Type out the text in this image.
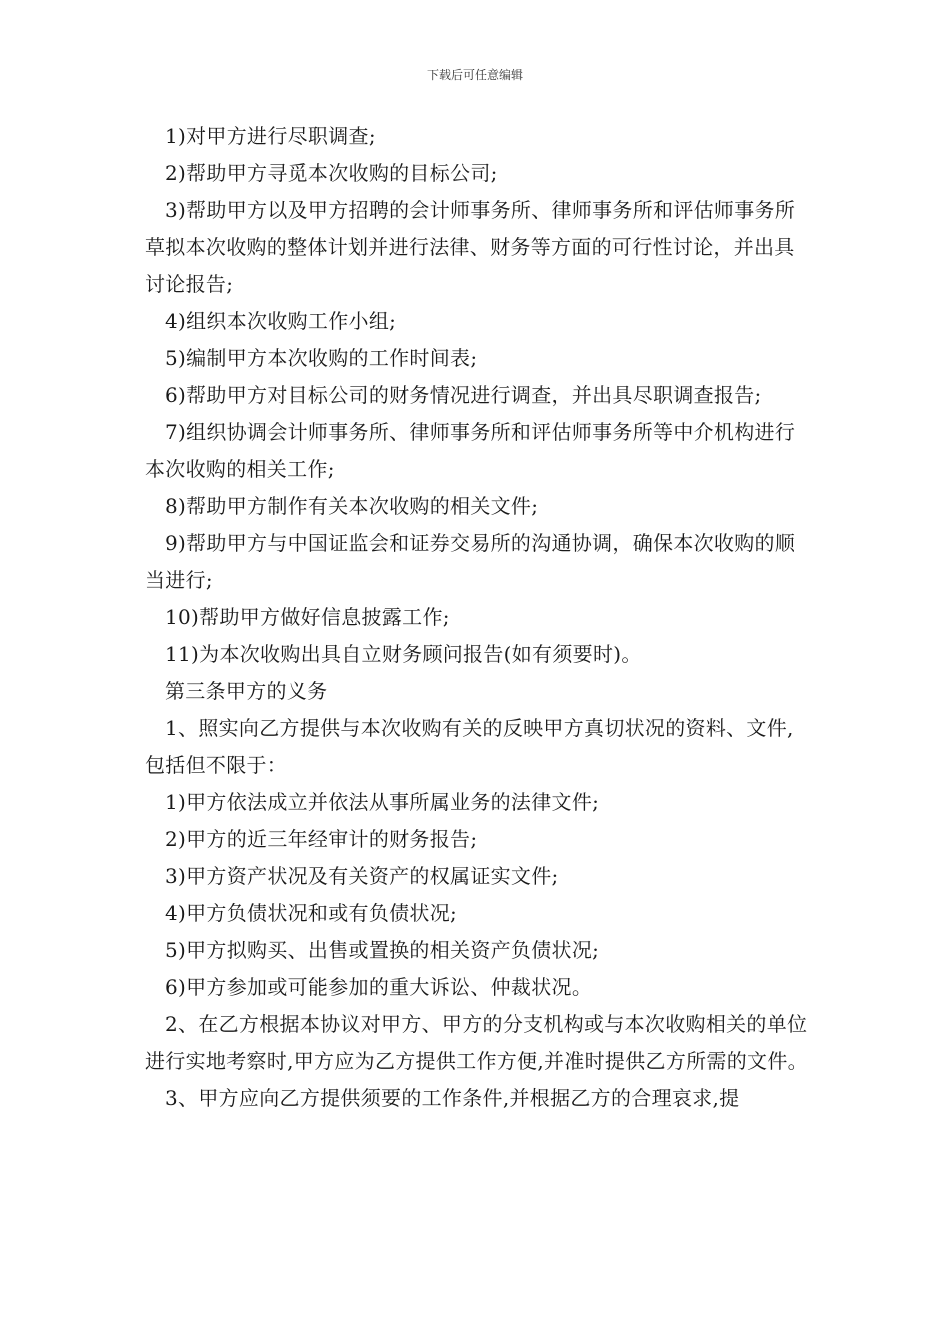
下载后可任意编辑

1)对甲方进行尽职调查;

2)帮助甲方寻觅本次收购的目标公司;

3)帮助甲方以及甲方招聘的会计师事务所、律师事务所和评估师事务所草拟本次收购的整体计划并进行法律、财务等方面的可行性讨论，并出具讨论报告;

4)组织本次收购工作小组;

5)编制甲方本次收购的工作时间表;

6)帮助甲方对目标公司的财务情况进行调查，并出具尽职调查报告;

7)组织协调会计师事务所、律师事务所和评估师事务所等中介机构进行本次收购的相关工作;

8)帮助甲方制作有关本次收购的相关文件;

9)帮助甲方与中国证监会和证券交易所的沟通协调，确保本次收购的顺当进行;

10)帮助甲方做好信息披露工作;

11)为本次收购出具自立财务顾问报告(如有须要时)。

第三条甲方的义务

1、照实向乙方提供与本次收购有关的反映甲方真切状况的资料、文件,包括但不限于：

1)甲方依法成立并依法从事所属业务的法律文件;

2)甲方的近三年经审计的财务报告;

3)甲方资产状况及有关资产的权属证实文件;

4)甲方负债状况和或有负债状况;

5)甲方拟购买、出售或置换的相关资产负债状况;

6)甲方参加或可能参加的重大诉讼、仲裁状况。

2、在乙方根据本协议对甲方、甲方的分支机构或与本次收购相关的单位进行实地考察时,甲方应为乙方提供工作方便,并准时提供乙方所需的文件。

3、甲方应向乙方提供须要的工作条件,并根据乙方的合理哀求,提
